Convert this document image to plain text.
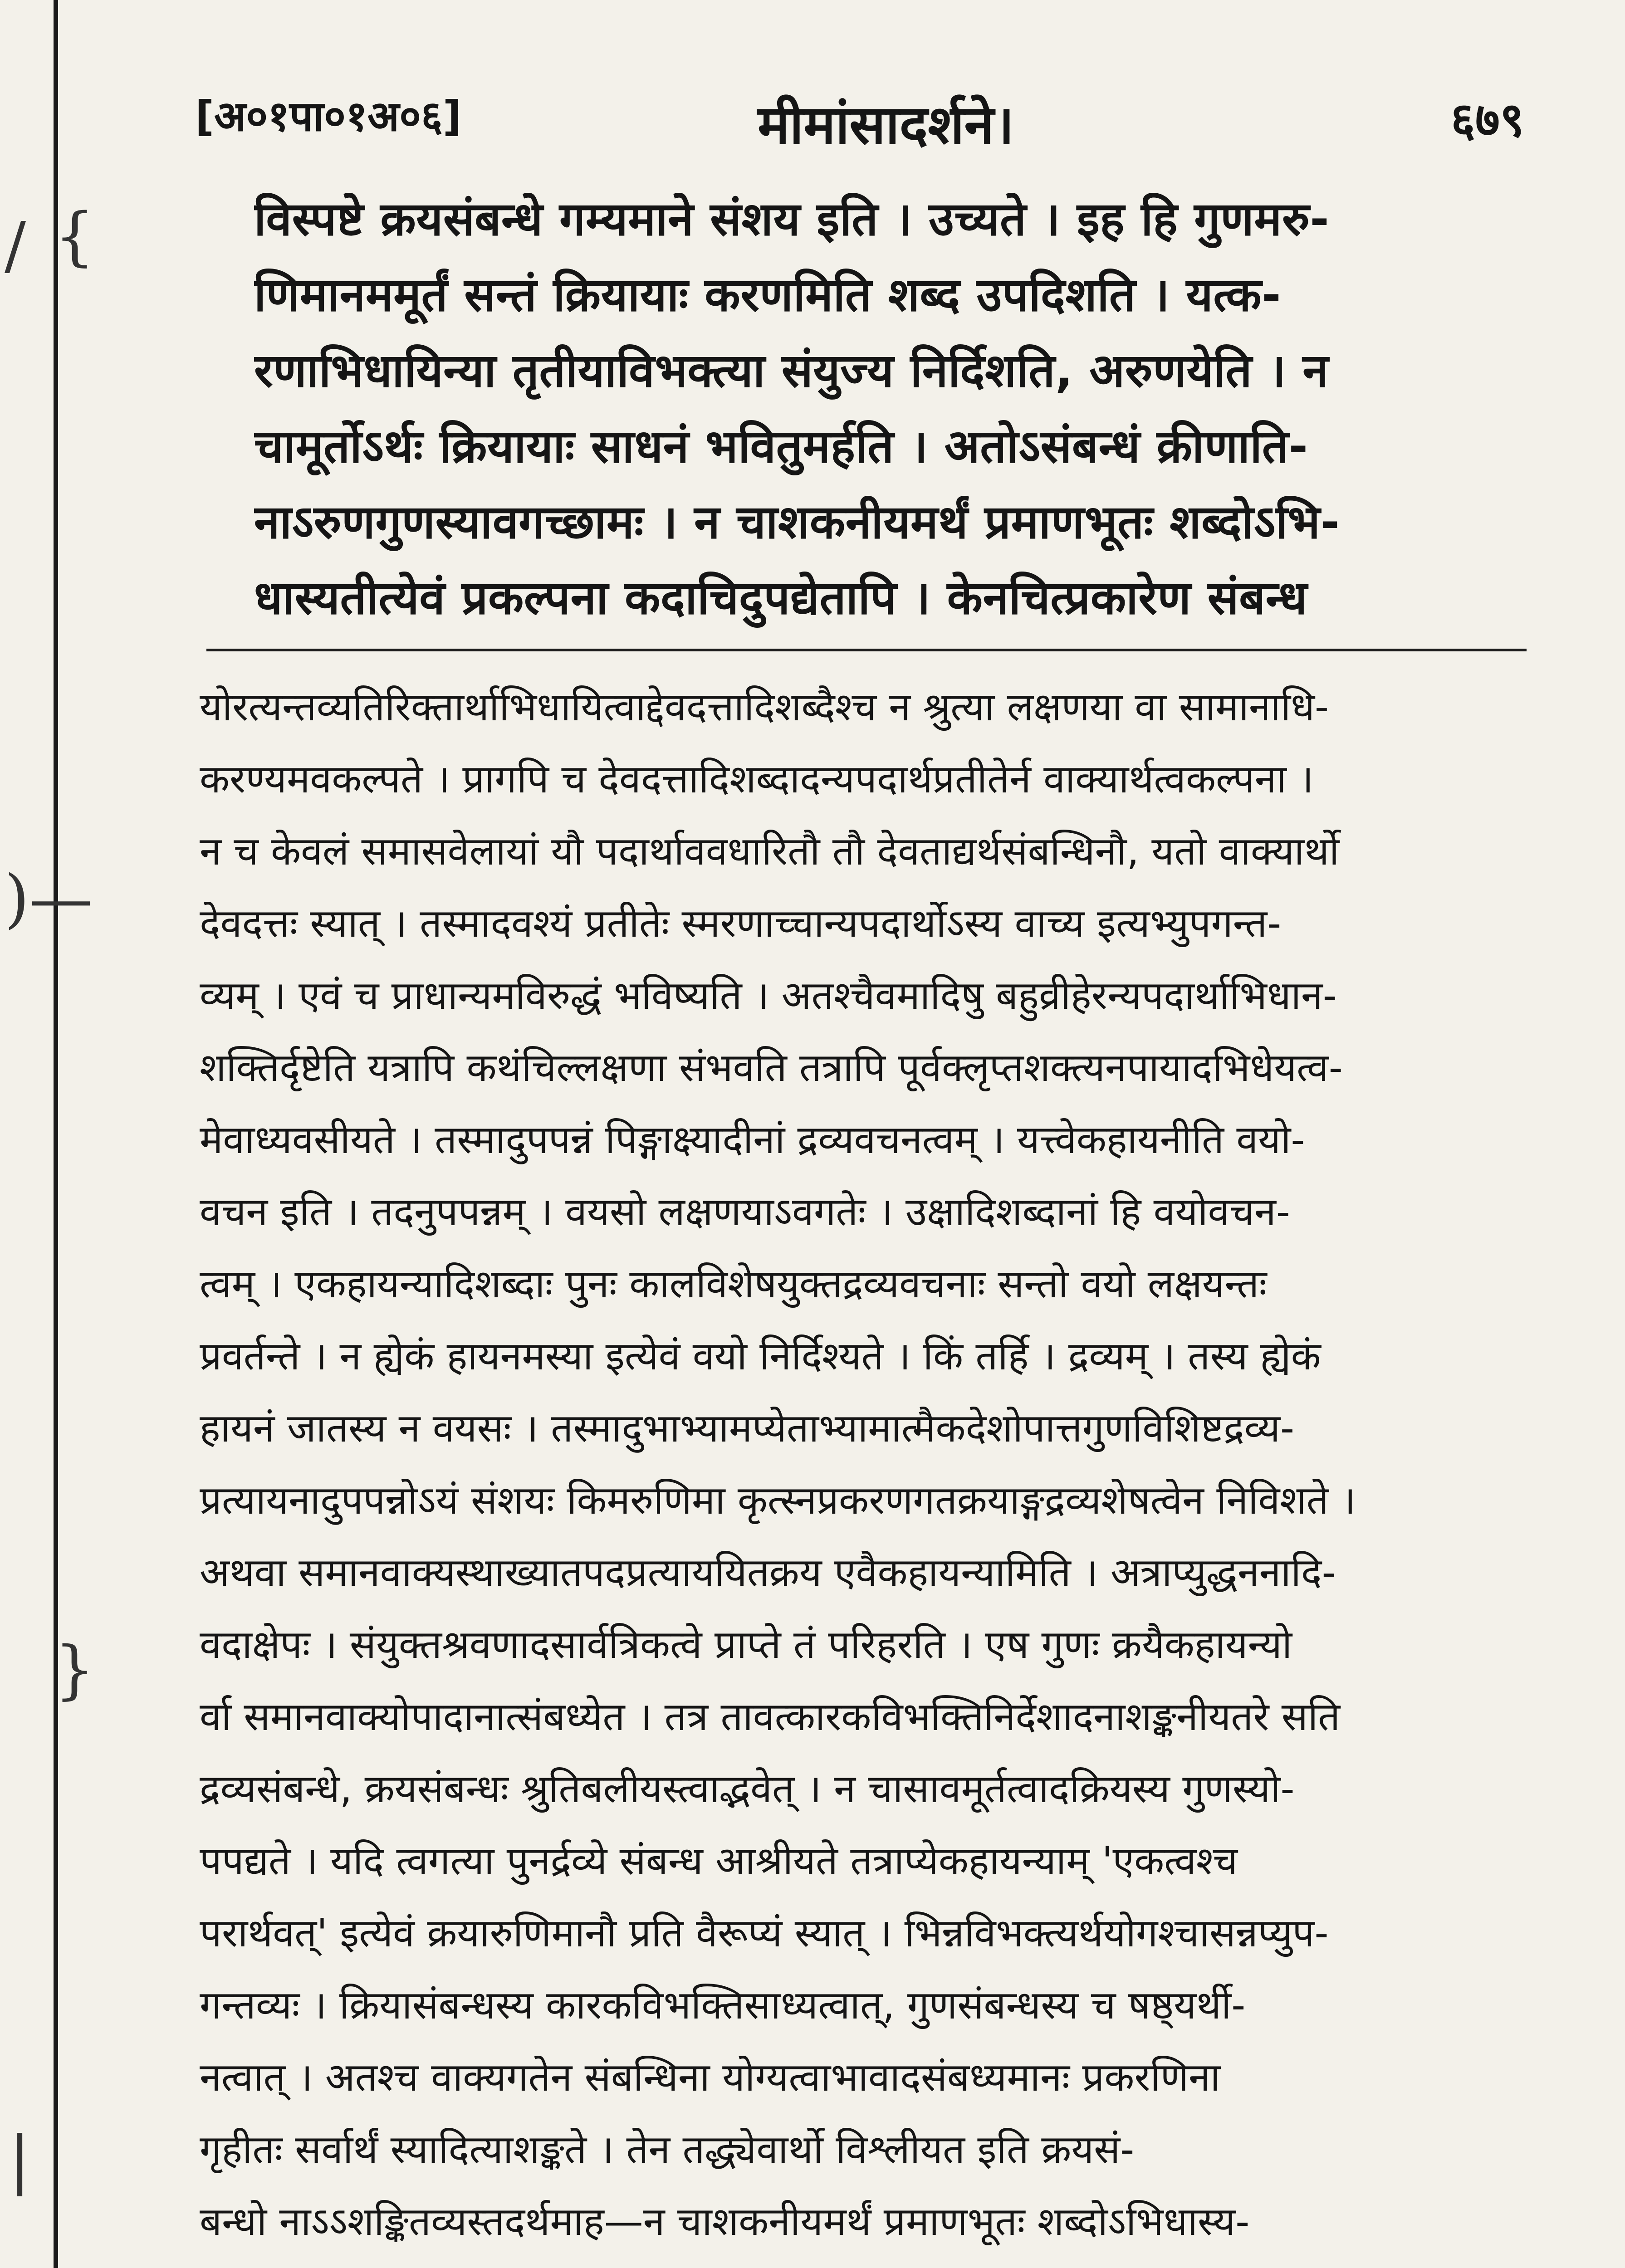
/ {
)—
}
|
[अ०१पा०१अ०६]	मीमांसादर्शने।	६७९
विस्पष्टे क्रयसंबन्धे गम्यमाने संशय इति । उच्यते । इह हि गुणमरु-
णिमानममूर्तं सन्तं क्रियायाः करणमिति शब्द उपदिशति । यत्क-
रणाभिधायिन्या तृतीयाविभक्त्या संयुज्य निर्दिशति, अरुणयेति । न
चामूर्तोऽर्थः क्रियायाः साधनं भवितुमर्हति । अतोऽसंबन्धं क्रीणाति-
नाऽरुणगुणस्यावगच्छामः । न चाशकनीयमर्थं प्रमाणभूतः शब्दोऽभि-
धास्यतीत्येवं प्रकल्पना कदाचिदुपद्येतापि । केनचित्प्रकारेण संबन्ध
योरत्यन्तव्यतिरिक्तार्थाभिधायित्वाद्देवदत्तादिशब्दैश्च न श्रुत्या लक्षणया वा सामानाधि-
करण्यमवकल्पते । प्रागपि च देवदत्तादिशब्दादन्यपदार्थप्रतीतेर्न वाक्यार्थत्वकल्पना ।
न च केवलं समासवेलायां यौ पदार्थाववधारितौ तौ देवताद्यर्थसंबन्धिनौ, यतो वाक्यार्थो
देवदत्तः स्यात् । तस्मादवश्यं प्रतीतेः स्मरणाच्चान्यपदार्थोऽस्य वाच्य इत्यभ्युपगन्त-
व्यम् । एवं च प्राधान्यमविरुद्धं भविष्यति । अतश्चैवमादिषु बहुव्रीहेरन्यपदार्थाभिधान-
शक्तिर्दृष्टेति यत्रापि कथंचिल्लक्षणा संभवति तत्रापि पूर्वक्लृप्तशक्त्यनपायादभिधेयत्व-
मेवाध्यवसीयते । तस्मादुपपन्नं पिङ्गाक्ष्यादीनां द्रव्यवचनत्वम् । यत्त्वेकहायनीति वयो-
वचन इति । तदनुपपन्नम् । वयसो लक्षणयाऽवगतेः । उक्षादिशब्दानां हि वयोवचन-
त्वम् । एकहायन्यादिशब्दाः पुनः कालविशेषयुक्तद्रव्यवचनाः सन्तो वयो लक्षयन्तः
प्रवर्तन्ते । न ह्येकं हायनमस्या इत्येवं वयो निर्दिश्यते । किं तर्हि । द्रव्यम् । तस्य ह्येकं
हायनं जातस्य न वयसः । तस्मादुभाभ्यामप्येताभ्यामात्मैकदेशोपात्तगुणविशिष्टद्रव्य-
प्रत्यायनादुपपन्नोऽयं संशयः किमरुणिमा कृत्स्नप्रकरणगतक्रयाङ्गद्रव्यशेषत्वेन निविशते ।
अथवा समानवाक्यस्थाख्यातपदप्रत्याययितक्रय एवैकहायन्यामिति । अत्राप्युद्धननादि-
वदाक्षेपः । संयुक्तश्रवणादसार्वत्रिकत्वे प्राप्ते तं परिहरति । एष गुणः क्रयैकहायन्यो
र्वा समानवाक्योपादानात्संबध्येत । तत्र तावत्कारकविभक्तिनिर्देशादनाशङ्कनीयतरे सति
द्रव्यसंबन्धे, क्रयसंबन्धः श्रुतिबलीयस्त्वाद्भवेत् । न चासावमूर्तत्वादक्रियस्य गुणस्यो-
पपद्यते । यदि त्वगत्या पुनर्द्रव्ये संबन्ध आश्रीयते तत्राप्येकहायन्याम् 'एकत्वश्च
परार्थवत्' इत्येवं क्रयारुणिमानौ प्रति वैरूप्यं स्यात् । भिन्नविभक्त्यर्थयोगश्चासन्नप्युप-
गन्तव्यः । क्रियासंबन्धस्य कारकविभक्तिसाध्यत्वात्, गुणसंबन्धस्य च षष्ठ्यर्थी-
नत्वात् । अतश्च वाक्यगतेन संबन्धिना योग्यत्वाभावादसंबध्यमानः प्रकरणिना
गृहीतः सर्वार्थं स्यादित्याशङ्कते । तेन तद्ध्येवार्थो विश्लीयत इति क्रयसं-
बन्धो नाऽऽशङ्कितव्यस्तदर्थमाह—न चाशकनीयमर्थं प्रमाणभूतः शब्दोऽभिधास्य-
